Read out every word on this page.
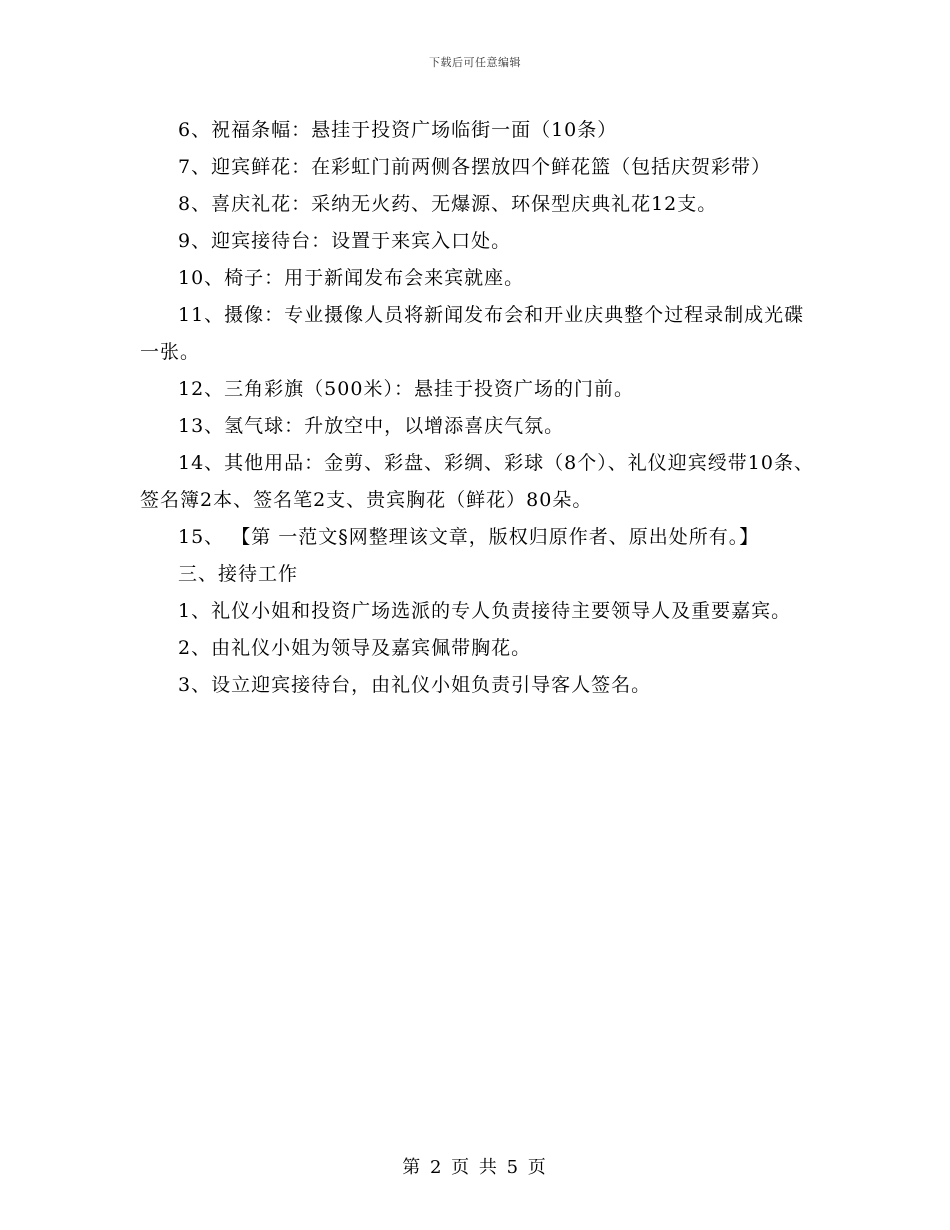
下载后可任意编辑

6、祝福条幅：悬挂于投资广场临街一面（10条）

7、迎宾鲜花：在彩虹门前两侧各摆放四个鲜花篮（包括庆贺彩带）

8、喜庆礼花：采纳无火药、无爆源、环保型庆典礼花12支。

9、迎宾接待台：设置于来宾入口处。

10、椅子：用于新闻发布会来宾就座。

11、摄像：专业摄像人员将新闻发布会和开业庆典整个过程录制成光碟一张。

12、三角彩旗（500米）：悬挂于投资广场的门前。

13、氢气球：升放空中，以增添喜庆气氛。

14、其他用品：金剪、彩盘、彩绸、彩球（8个）、礼仪迎宾绶带10条、签名簿2本、签名笔2支、贵宾胸花（鲜花）80朵。

15、 【第 一范文§网整理该文章，版权归原作者、原出处所有。】

三、接待工作

1、礼仪小姐和投资广场选派的专人负责接待主要领导人及重要嘉宾。

2、由礼仪小姐为领导及嘉宾佩带胸花。

3、设立迎宾接待台，由礼仪小姐负责引导客人签名。

第 2 页 共 5 页
